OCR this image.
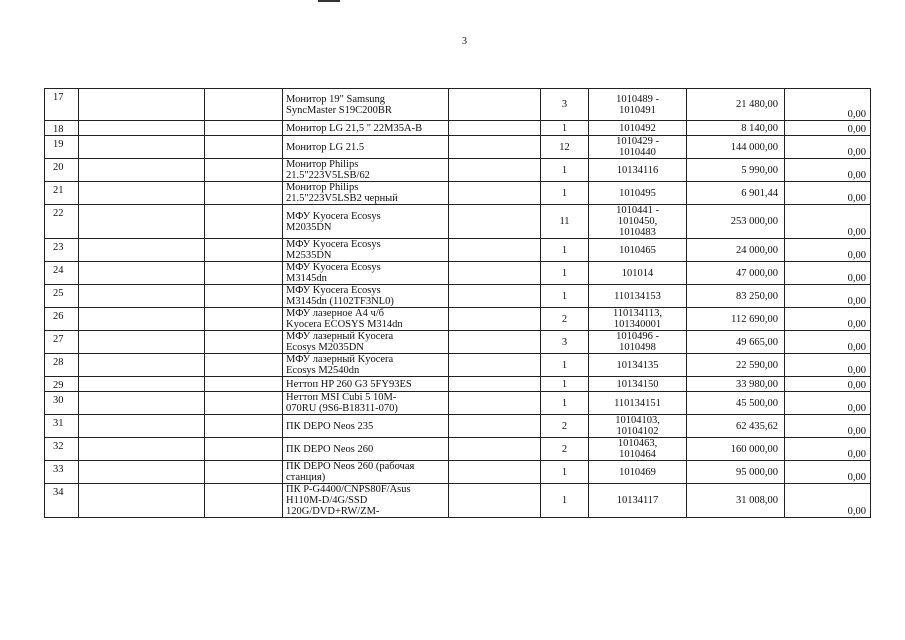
3
17			Монитор 19" Samsung
SyncMaster S19C200BR		3	1010489 -
1010491	21 480,00	0,00
18			Монитор LG 21,5 " 22M35A-B		1	1010492	8 140,00	0,00
19			Монитор LG 21.5		12	1010429 -
1010440	144 000,00	0,00
20			Монитор Philips
21.5"223V5LSB/62		1	10134116	5 990,00	0,00
21			Монитор Philips
21.5"223V5LSB2 черный		1	1010495	6 901,44	0,00
22			МФУ Kyocera Ecosys
M2035DN		11	1010441 -
1010450,
1010483	253 000,00	0,00
23			МФУ Kyocera Ecosys
M2535DN		1	1010465	24 000,00	0,00
24			МФУ Kyocera Ecosys
M3145dn		1	101014	47 000,00	0,00
25			МФУ Kyocera Ecosys
M3145dn (1102TF3NL0)		1	110134153	83 250,00	0,00
26			МФУ лазерное А4 ч/б
Kyocera ECOSYS M314dn		2	110134113,
101340001	112 690,00	0,00
27			МФУ лазерный Kyocera
Ecosys M2035DN		3	1010496 -
1010498	49 665,00	0,00
28			МФУ лазерный Kyocera
Ecosys M2540dn		1	10134135	22 590,00	0,00
29			Неттоп HP 260 G3 5FY93ES		1	10134150	33 980,00	0,00
30			Неттоп MSI Cubi 5 10M-
070RU (9S6-B18311-070)		1	110134151	45 500,00	0,00
31			ПК DEPO Neos 235		2	10104103,
10104102	62 435,62	0,00
32			ПК DEPO Neos 260		2	1010463,
1010464	160 000,00	0,00
33			ПК DEPO Neos 260 (рабочая
станция)		1	1010469	95 000,00	0,00
34			ПК P-G4400/CNPS80F/Asus
H110M-D/4G/SSD
120G/DVD+RW/ZM-		1	10134117	31 008,00	0,00
